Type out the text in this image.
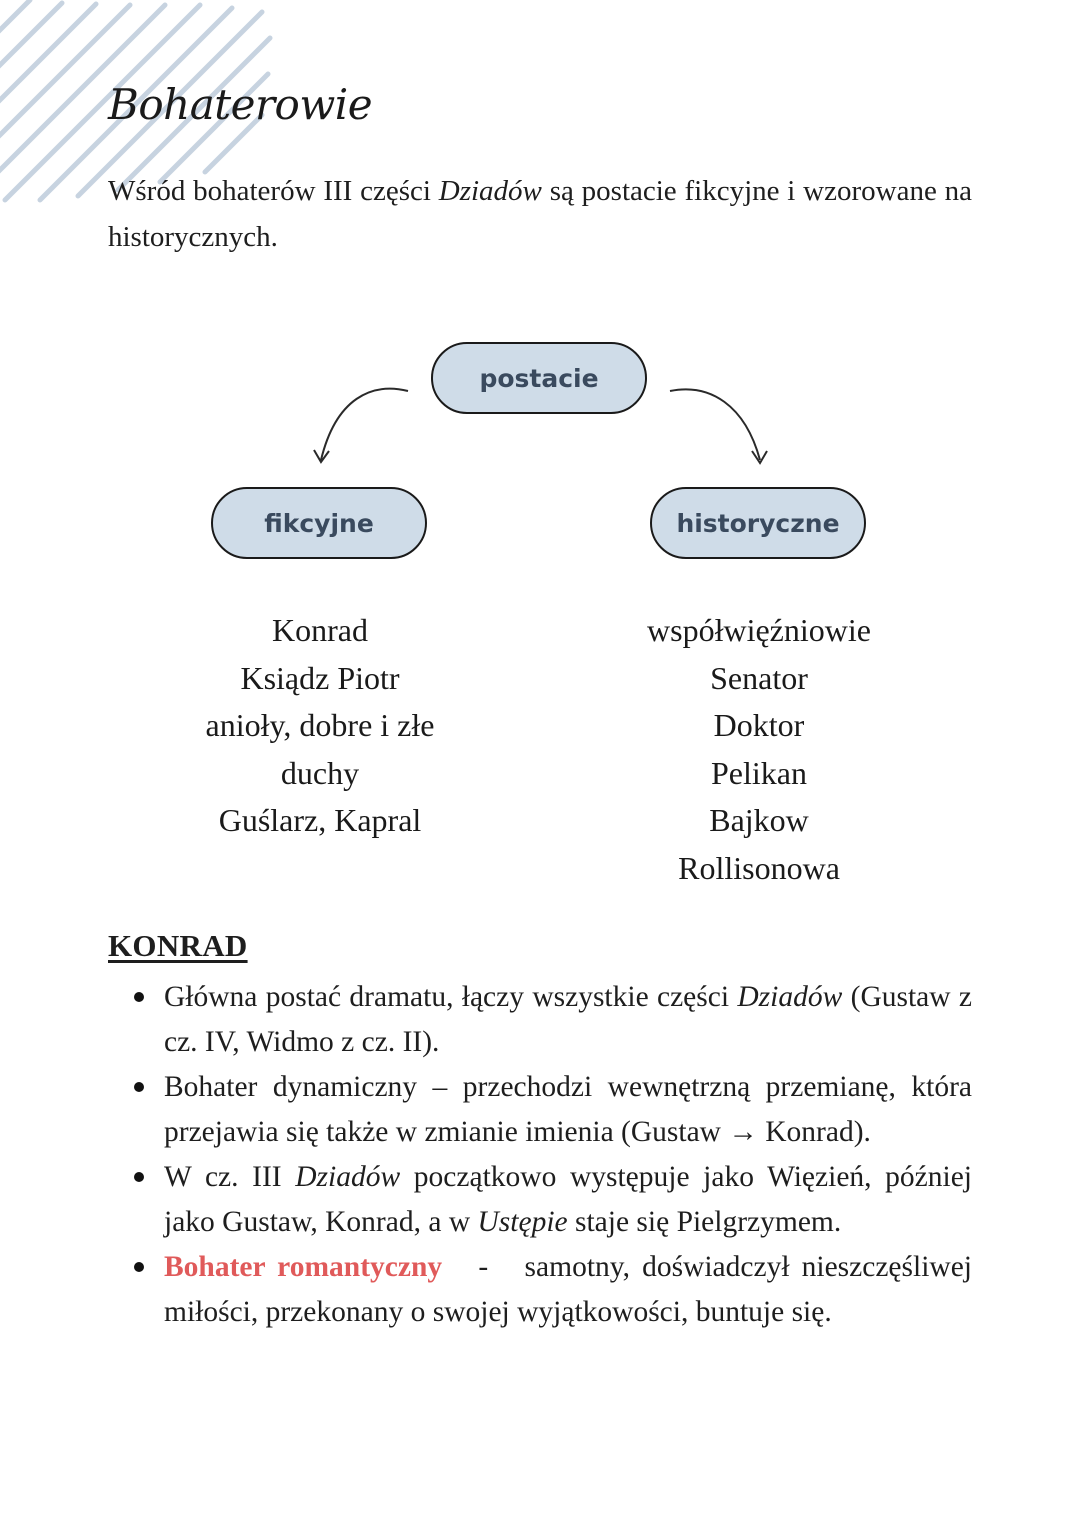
Bohaterowie

Wśród bohaterów III części Dziadów są postacie fikcyjne i wzorowane na historycznych.

postacie
fikcyjne	historyczne
Konrad
Ksiądz Piotr
anioły, dobre i złe
duchy
Guślarz, Kapral
współwięźniowie
Senator
Doktor
Pelikan
Bajkow
Rollisonowa
KONRAD
Główna postać dramatu, łączy wszystkie części Dziadów (Gustaw z cz. IV, Widmo z cz. II).
Bohater dynamiczny – przechodzi wewnętrzną przemianę, która przejawia się także w zmianie imienia (Gustaw → Konrad).
W cz. III Dziadów początkowo występuje jako Więzień, później jako Gustaw, Konrad, a w Ustępie staje się Pielgrzymem.
Bohater romantyczny - samotny, doświadczył nieszczęśliwej miłości, przekonany o swojej wyjątkowości, buntuje się.
